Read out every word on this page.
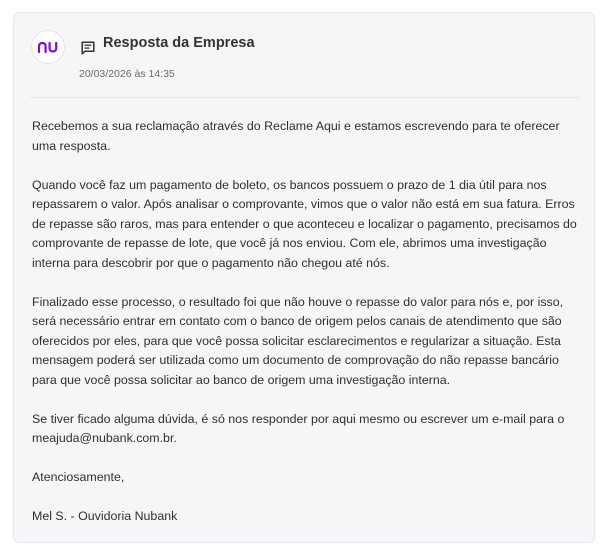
Resposta da Empresa
20/03/2026 às 14:35

Recebemos a sua reclamação através do Reclame Aqui e estamos escrevendo para te oferecer uma resposta.

Quando você faz um pagamento de boleto, os bancos possuem o prazo de 1 dia útil para nos repassarem o valor. Após analisar o comprovante, vimos que o valor não está em sua fatura. Erros de repasse são raros, mas para entender o que aconteceu e localizar o pagamento, precisamos do comprovante de repasse de lote, que você já nos enviou. Com ele, abrimos uma investigação interna para descobrir por que o pagamento não chegou até nós.

Finalizado esse processo, o resultado foi que não houve o repasse do valor para nós e, por isso, será necessário entrar em contato com o banco de origem pelos canais de atendimento que são oferecidos por eles, para que você possa solicitar esclarecimentos e regularizar a situação. Esta mensagem poderá ser utilizada como um documento de comprovação do não repasse bancário para que você possa solicitar ao banco de origem uma investigação interna.

Se tiver ficado alguma dúvida, é só nos responder por aqui mesmo ou escrever um e-mail para o meajuda@nubank.com.br.

Atenciosamente,

Mel S. - Ouvidoria Nubank
